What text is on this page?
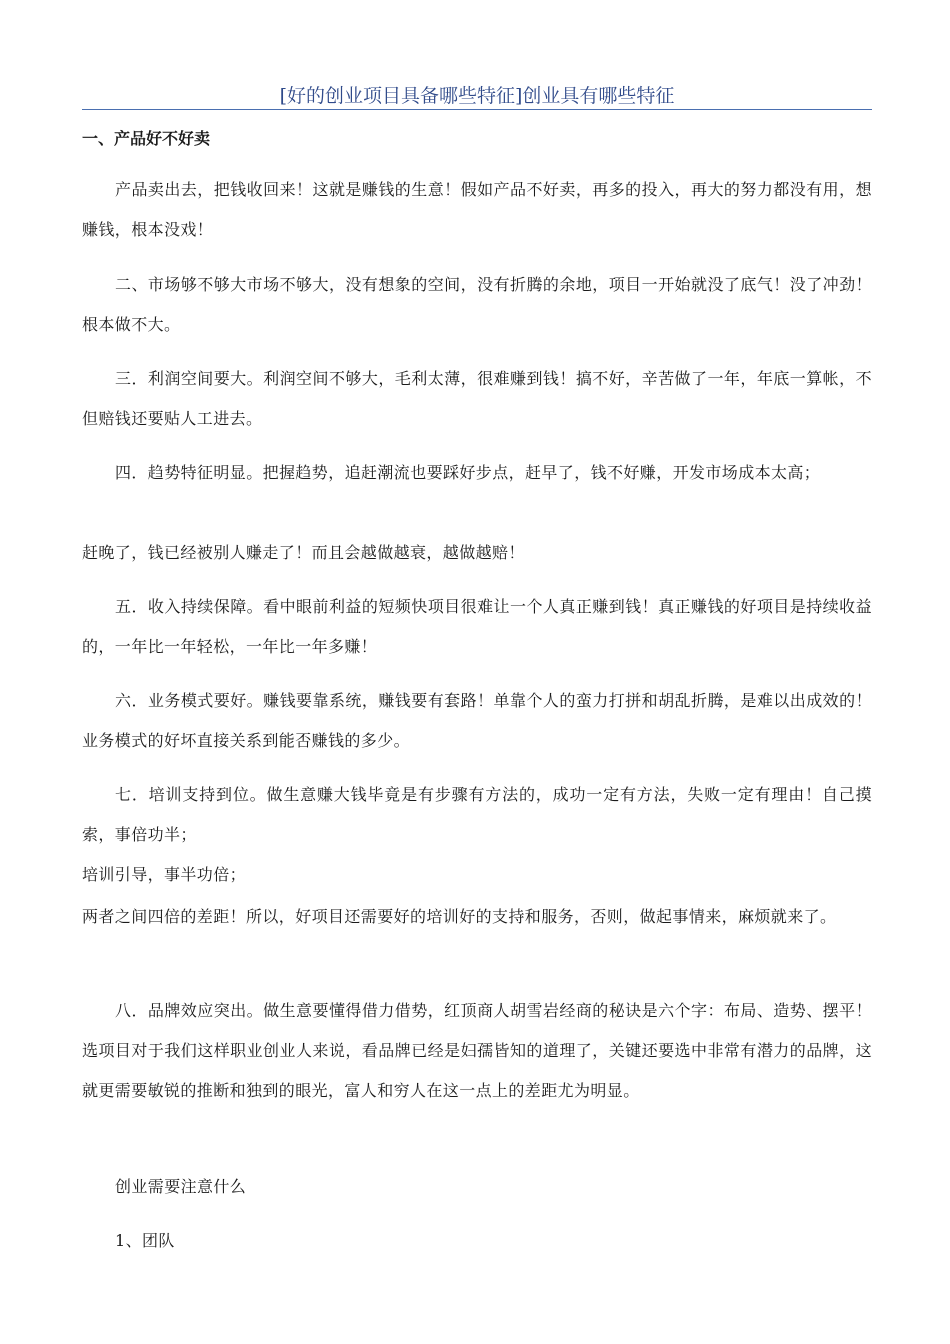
[好的创业项目具备哪些特征]创业具有哪些特征
一、产品好不好卖

产品卖出去，把钱收回来！这就是赚钱的生意！假如产品不好卖，再多的投入，再大的努力都没有用，想赚钱，根本没戏！

二、市场够不够大市场不够大，没有想象的空间，没有折腾的余地，项目一开始就没了底气！没了冲劲！根本做不大。

三．利润空间要大。利润空间不够大，毛利太薄，很难赚到钱！搞不好，辛苦做了一年，年底一算帐，不但赔钱还要贴人工进去。

四．趋势特征明显。把握趋势，追赶潮流也要踩好步点，赶早了，钱不好赚，开发市场成本太高；

赶晚了，钱已经被别人赚走了！而且会越做越衰，越做越赔！

五．收入持续保障。看中眼前利益的短频快项目很难让一个人真正赚到钱！真正赚钱的好项目是持续收益的，一年比一年轻松，一年比一年多赚！

六．业务模式要好。赚钱要靠系统，赚钱要有套路！单靠个人的蛮力打拼和胡乱折腾，是难以出成效的！业务模式的好坏直接关系到能否赚钱的多少。

七．培训支持到位。做生意赚大钱毕竟是有步骤有方法的，成功一定有方法，失败一定有理由！自己摸索，事倍功半；

培训引导，事半功倍；

两者之间四倍的差距！所以，好项目还需要好的培训好的支持和服务，否则，做起事情来，麻烦就来了。

八．品牌效应突出。做生意要懂得借力借势，红顶商人胡雪岩经商的秘诀是六个字：布局、造势、摆平！选项目对于我们这样职业创业人来说，看品牌已经是妇孺皆知的道理了，关键还要选中非常有潜力的品牌，这就更需要敏锐的推断和独到的眼光，富人和穷人在这一点上的差距尤为明显。

创业需要注意什么

1、团队
